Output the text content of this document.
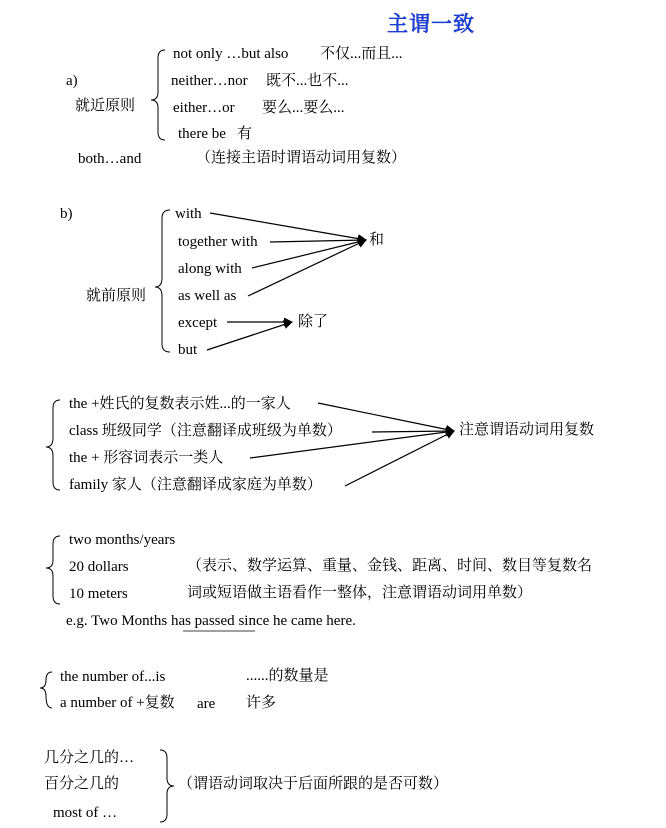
主谓一致
a)
就近原则
not only …but also 不仅...而且...
neither…nor 既不...也不...
either…or 要么...要么...
there be 有
both…and	（连接主语时谓语动词用复数）
b)
就前原则
with
together with
along with
as well as
except
but
和
除了
the +姓氏的复数表示姓...的一家人
class 班级同学（注意翻译成班级为单数）
the + 形容词表示一类人
family 家人（注意翻译成家庭为单数）
注意谓语动词用复数
two months/years
20 dollars
10 meters
（表示、数学运算、重量、金钱、距离、时间、数目等复数名
词或短语做主语看作一整体，注意谓语动词用单数）
e.g. Two Months has passed since he came here.
the number of...is	......的数量是
a number of +复数 are 许多
几分之几的…
百分之几的
most of …
（谓语动词取决于后面所跟的是否可数）
